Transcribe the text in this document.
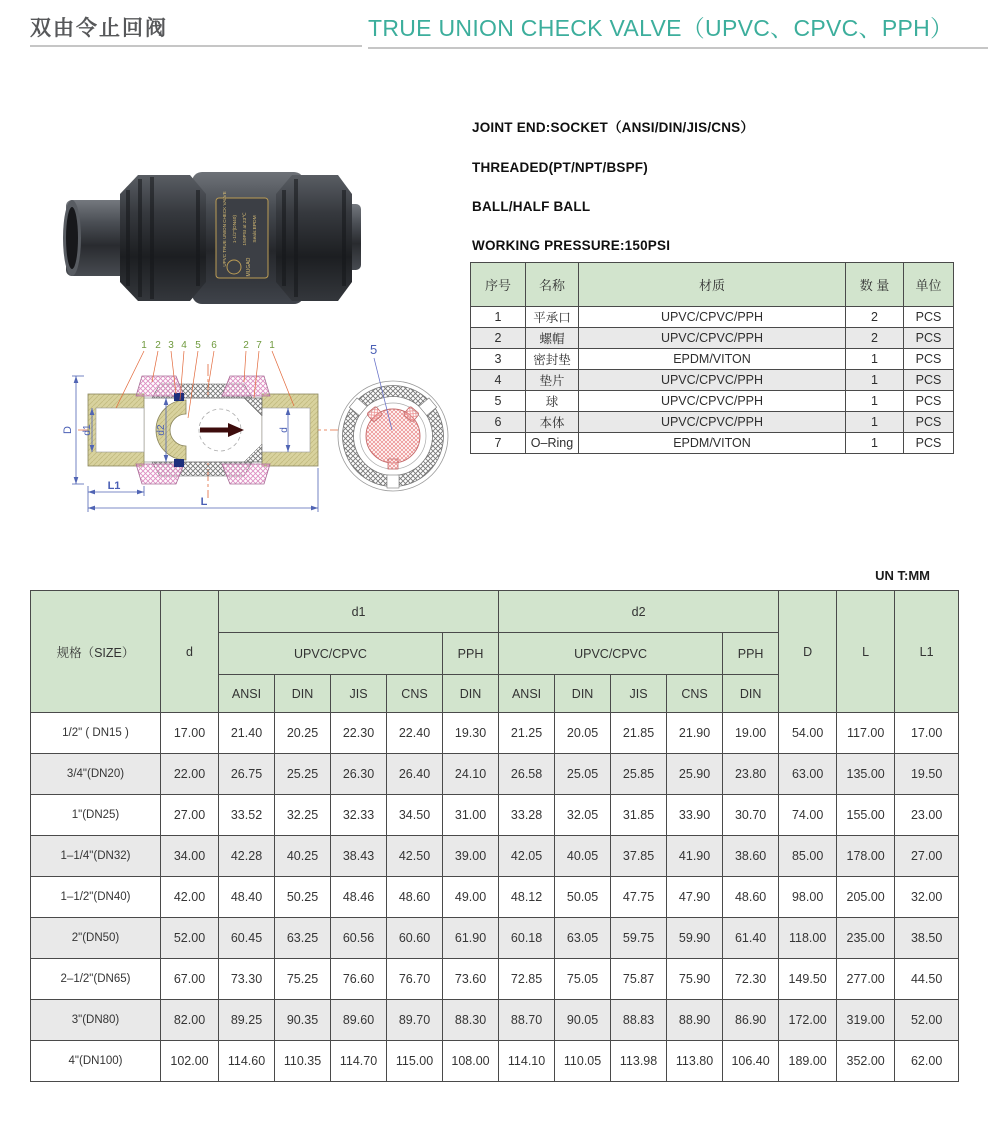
双由令止回阀	TRUE UNION CHECK VALVE（UPVC、CPVC、PPH）
MUGAO
UPVC TRUE UNION CHECK VALVE 1-1/2"(DN40) 150PSI at 23℃ Seals:EPDM

JOINT END:SOCKET（ANSI/DIN/JIS/CNS）

THREADED(PT/NPT/BSPF)

BALL/HALF BALL

WORKING PRESSURE:150PSI

序号	名称	材质	数 量	单位
1	平承口	UPVC/CPVC/PPH	2	PCS
2	螺帽	UPVC/CPVC/PPH	2	PCS
3	密封垫	EPDM/VITON	1	PCS
4	垫片	UPVC/CPVC/PPH	1	PCS
5	球	UPVC/CPVC/PPH	1	PCS
6	本体	UPVC/CPVC/PPH	1	PCS
7	O–Ring	EPDM/VITON	1	PCS
D d1	d2	d
L1
L
1 2 3 4 5 6	2 7 1	5
UN T:MM
规格（SIZE）	d	d1					d2					D	L	L1
		UPVC/CPVC				PPH	UPVC/CPVC				PPH			
		ANSI	DIN	JIS	CNS	DIN	ANSI	DIN	JIS	CNS	DIN			
1/2" ( DN15 )	17.00	21.40	20.25	22.30	22.40	19.30	21.25	20.05	21.85	21.90	19.00	54.00	117.00	17.00
3/4"(DN20)	22.00	26.75	25.25	26.30	26.40	24.10	26.58	25.05	25.85	25.90	23.80	63.00	135.00	19.50
1"(DN25)	27.00	33.52	32.25	32.33	34.50	31.00	33.28	32.05	31.85	33.90	30.70	74.00	155.00	23.00
1–1/4"(DN32)	34.00	42.28	40.25	38.43	42.50	39.00	42.05	40.05	37.85	41.90	38.60	85.00	178.00	27.00
1–1/2"(DN40)	42.00	48.40	50.25	48.46	48.60	49.00	48.12	50.05	47.75	47.90	48.60	98.00	205.00	32.00
2"(DN50)	52.00	60.45	63.25	60.56	60.60	61.90	60.18	63.05	59.75	59.90	61.40	118.00	235.00	38.50
2–1/2"(DN65)	67.00	73.30	75.25	76.60	76.70	73.60	72.85	75.05	75.87	75.90	72.30	149.50	277.00	44.50
3"(DN80)	82.00	89.25	90.35	89.60	89.70	88.30	88.70	90.05	88.83	88.90	86.90	172.00	319.00	52.00
4"(DN100)	102.00	114.60	110.35	114.70	115.00	108.00	114.10	110.05	113.98	113.80	106.40	189.00	352.00	62.00
